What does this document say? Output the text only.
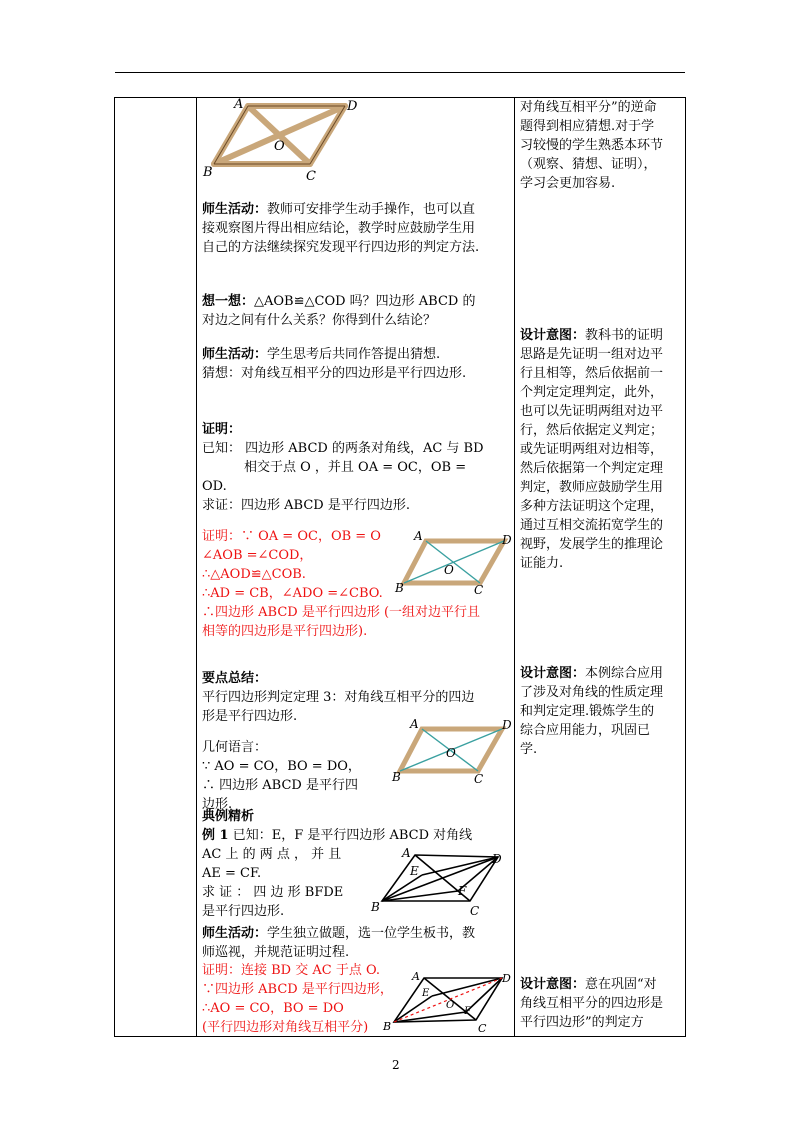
A	D
O
B	C
师生活动：教师可安排学生动手操作，也可以直
接观察图片得出相应结论，教学时应鼓励学生用
自己的方法继续探究发现平行四边形的判定方法.
想一想：△AOB≌△COD 吗？四边形 ABCD 的
对边之间有什么关系？你得到什么结论？
师生活动：学生思考后共同作答提出猜想.
猜想：对角线互相平分的四边形是平行四边形.
证明：
已知： 四边形 ABCD 的两条对角线，AC 与 BD
相交于点 O ，并且 OA = OC，OB =
OD.
求证：四边形 ABCD 是平行四边形.
证明：∵ OA = OC，OB = O
∠AOB =∠COD，
∴△AOD≌△COB.
∴AD = CB，∠ADO =∠CBO.
∴四边形 ABCD 是平行四边形 (一组对边平行且
相等的四边形是平行四边形).
A	D
O
B	C
要点总结：
平行四边形判定定理 3：对角线互相平分的四边
形是平行四边形.
几何语言：
∵ AO = CO，BO = DO，
∴ 四边形 ABCD 是平行四
边形.
A	D
O
B	C
典例精析
例 1 已知：E，F 是平行四边形 ABCD 对角线
AC 上 的 两 点 ， 并 且
AE = CF.
求 证 ： 四 边 形 BFDE
是平行四边形.
A	D
E
F
B	C
师生活动：学生独立做题，选一位学生板书，教
师巡视，并规范证明过程.
证明：连接 BD 交 AC 于点 O.
∵四边形 ABCD 是平行四边形，
∴AO = CO，BO = DO
(平行四边形对角线互相平分)
A	D
E
O
F
B	C
对角线互相平分”的逆命
题得到相应猜想.对于学
习较慢的学生熟悉本环节
（观察、猜想、证明），
学习会更加容易.
设计意图：教科书的证明
思路是先证明一组对边平
行且相等，然后依据前一
个判定定理判定，此外，
也可以先证明两组对边平
行，然后依据定义判定；
或先证明两组对边相等，
然后依据第一个判定定理
判定，教师应鼓励学生用
多种方法证明这个定理，
通过互相交流拓宽学生的
视野，发展学生的推理论
证能力.
设计意图：本例综合应用
了涉及对角线的性质定理
和判定定理.锻炼学生的
综合应用能力，巩固已
学.
设计意图：意在巩固“对
角线互相平分的四边形是
平行四边形”的判定方
2
